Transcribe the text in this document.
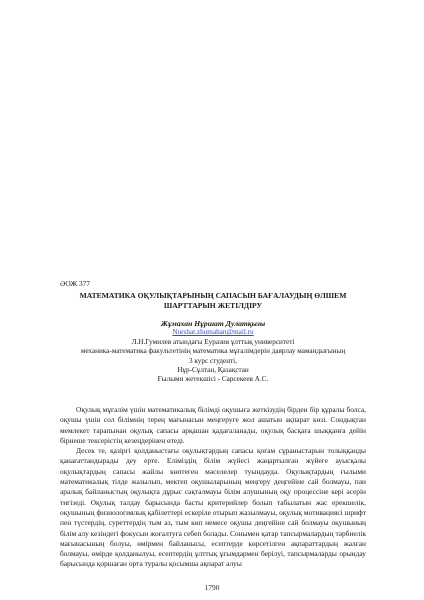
ӘОЖ 377
МАТЕМАТИКА ОҚУЛЫҚТАРЫНЫҢ САПАСЫН БАҒАЛАУДЫҢ ӨЛШЕМ
ШАРТТАРЫН ЖЕТІЛДІРУ
Жұмахан Нұршат Дулатқызы
Nurshat.zhumahan@mail.ru
Л.Н.Гумилев атындағы Еуразия ұлттық университеті
механика-математика факультетінің математика мұғалімдерін даярлау мамандығының
3 курс студенті,
Нұр-Сұлтан, Қазақстан
Ғылыми жетекшісі - Сарсекеев А.С.

Оқулық мұғалім үшін математикалық білімді оқушыға жеткізудің бірден бір құралы болса, оқушы үшін сол білімнің терең мағынасын меңгеруге жол ашатын ақпарат көзі. Сондықтан мемлекет тарапынан оқулық сапасы арқашан қадағаланады, оқулық басқаға шыққанға дейін бірнеше тексерістің кезеңдерінен өтеді.

Десек те, қазіргі қолданыстағы оқулықтардың сапасы қоғам сұраныстарын толыққанды қанағаттандырады деу ерте. Еліміздің білім жүйесі жаңартылған жүйеге ауысқалы оқулықтардың сапасы жайлы көптеген мәселелер туындауда. Оқулықтардың ғылыми математикалық тілде жазылып, мектеп оқушыларының меңгеру деңгейіне сай болмауы, пән аралық байланыстың оқулықта дұрыс сақталмауы білім алушының оқу процессіне кері әсерін тигізеді. Оқулық талдау барысында басты критерийлер болып табылатын жас ерекшелік, оқушының физиологиялық қабілеттері ескеріле отырып жазылмауы, оқулық мотивациясі шрифт пен түстердің, суреттердің тым аз, тым көп немесе оқушы деңгейіне сай болмауы оқушының білім алу кезіндегі фокусын жоғалтуға себеп болады. Сонымен қатар тапсырмалардың тәрбиелік мағынасының болуы, өмірмен байланысы, есептерде көрсетілген ақпараттардың жалған болмауы, өмірде қолданылуы, есептердің ұлттық ұғымдармен берілуі, тапсырмаларды орындау барысында қоршаған орта туралы қосымша ақпарат алуы

1790
